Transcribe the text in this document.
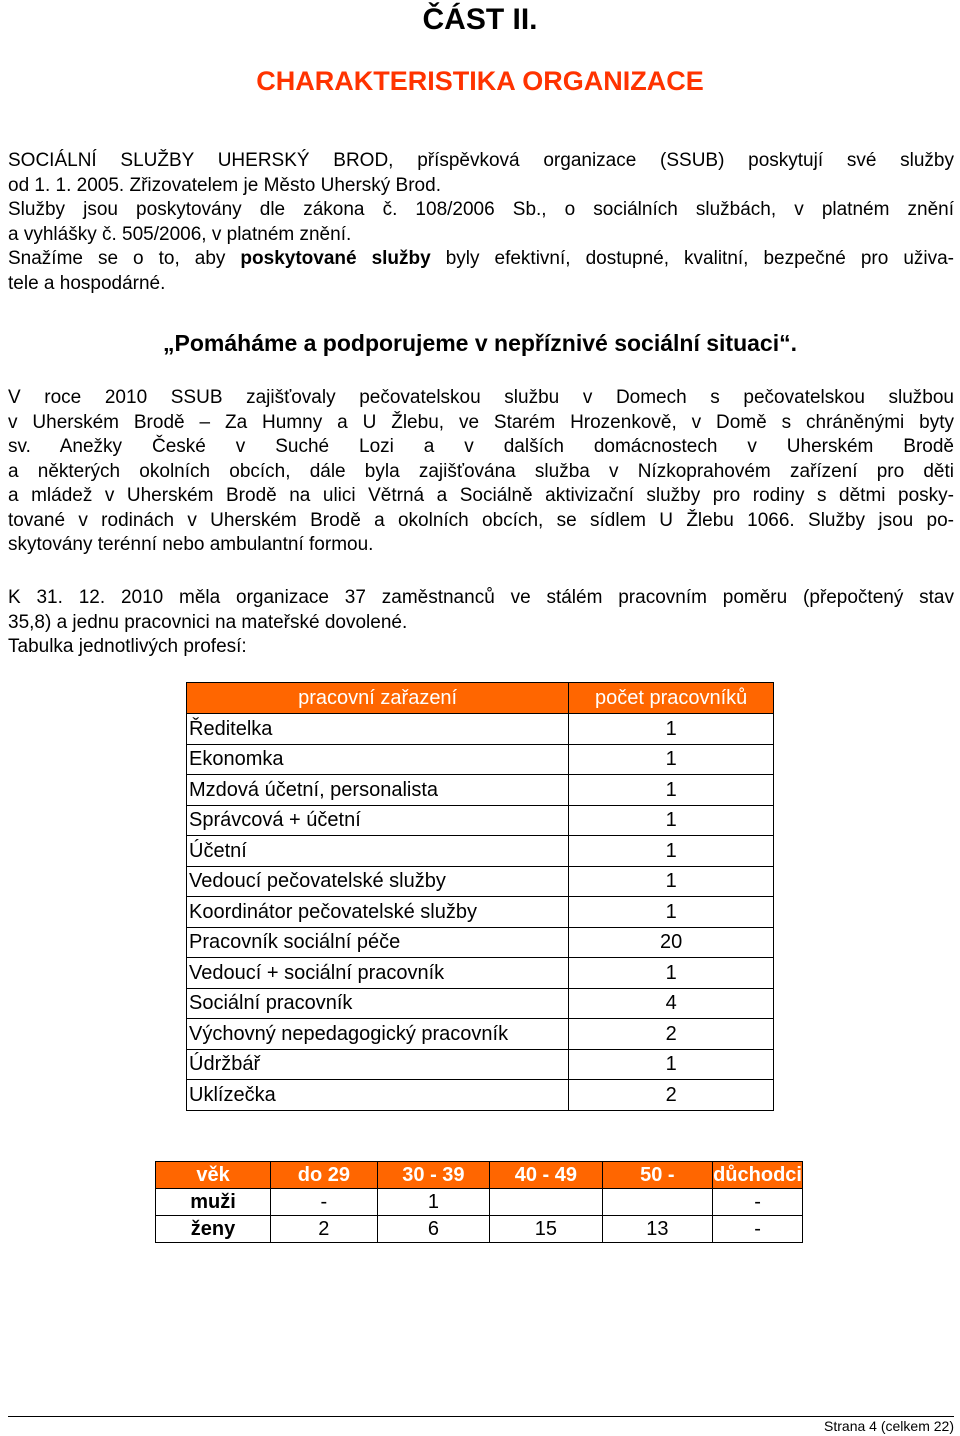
ČÁST II.
CHARAKTERISTIKA ORGANIZACE
SOCIÁLNÍ SLUŽBY UHERSKÝ BROD, příspěvková organizace (SSUB) poskytují své služby
od 1. 1. 2005. Zřizovatelem je Město Uherský Brod.
Služby jsou poskytovány dle zákona č. 108/2006 Sb., o sociálních službách, v platném znění
a vyhlášky č. 505/2006, v platném znění.
Snažíme se o to, aby poskytované služby byly efektivní, dostupné, kvalitní, bezpečné pro uživa-
tele a hospodárné.
„Pomáháme a podporujeme v nepříznivé sociální situaci“.
V roce 2010 SSUB zajišťovaly pečovatelskou službu v Domech s pečovatelskou službou
v Uherském Brodě – Za Humny a U Žlebu, ve Starém Hrozenkově, v Domě s chráněnými byty
sv. Anežky České v Suché Lozi a v dalších domácnostech v Uherském Brodě
a některých okolních obcích, dále byla zajišťována služba v Nízkoprahovém zařízení pro děti
a mládež v Uherském Brodě na ulici Větrná a Sociálně aktivizační služby pro rodiny s dětmi posky-
tované v rodinách v Uherském Brodě a okolních obcích, se sídlem U Žlebu 1066. Služby jsou po-
skytovány terénní nebo ambulantní formou.
K 31. 12. 2010 měla organizace 37 zaměstnanců ve stálém pracovním poměru (přepočtený stav
35,8) a jednu pracovnici na mateřské dovolené.
Tabulka jednotlivých profesí:
pracovní zařazení	počet pracovníků
Ředitelka	1
Ekonomka	1
Mzdová účetní, personalista	1
Správcová + účetní	1
Účetní	1
Vedoucí pečovatelské služby	1
Koordinátor pečovatelské služby	1
Pracovník sociální péče	20
Vedoucí + sociální pracovník	1
Sociální pracovník	4
Výchovný nepedagogický pracovník	2
Údržbář	1
Uklízečka	2
věk	do 29	30 - 39	40 - 49	50 -	důchodci
muži	-	1			-
ženy	2	6	15	13	-
Strana 4 (celkem 22)
